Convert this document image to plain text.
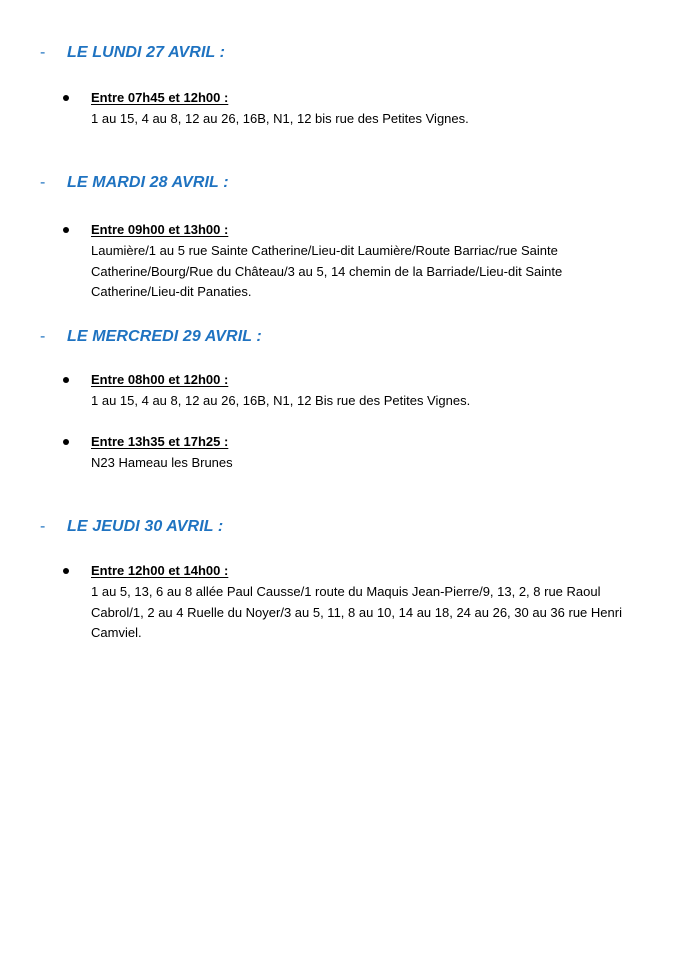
- LE LUNDI 27 AVRIL :
Entre 07h45 et 12h00 :
1 au 15, 4 au 8, 12 au 26, 16B, N1, 12 bis rue des Petites Vignes.
- LE MARDI 28 AVRIL :
Entre 09h00 et 13h00 :
Laumière/1 au 5 rue Sainte Catherine/Lieu-dit Laumière/Route Barriac/rue Sainte Catherine/Bourg/Rue du Château/3 au 5, 14 chemin de la Barriade/Lieu-dit Sainte Catherine/Lieu-dit Panaties.
- LE MERCREDI 29 AVRIL :
Entre 08h00 et 12h00 :
1 au 15, 4 au 8, 12 au 26, 16B, N1, 12 Bis rue des Petites Vignes.
Entre 13h35 et 17h25 :
N23 Hameau les Brunes
- LE JEUDI 30 AVRIL :
Entre 12h00 et 14h00 :
1 au 5, 13, 6 au 8 allée Paul Causse/1 route du Maquis Jean-Pierre/9, 13, 2, 8 rue Raoul Cabrol/1, 2 au 4 Ruelle du Noyer/3 au 5, 11, 8 au 10, 14 au 18, 24 au 26, 30 au 36 rue Henri Camviel.
